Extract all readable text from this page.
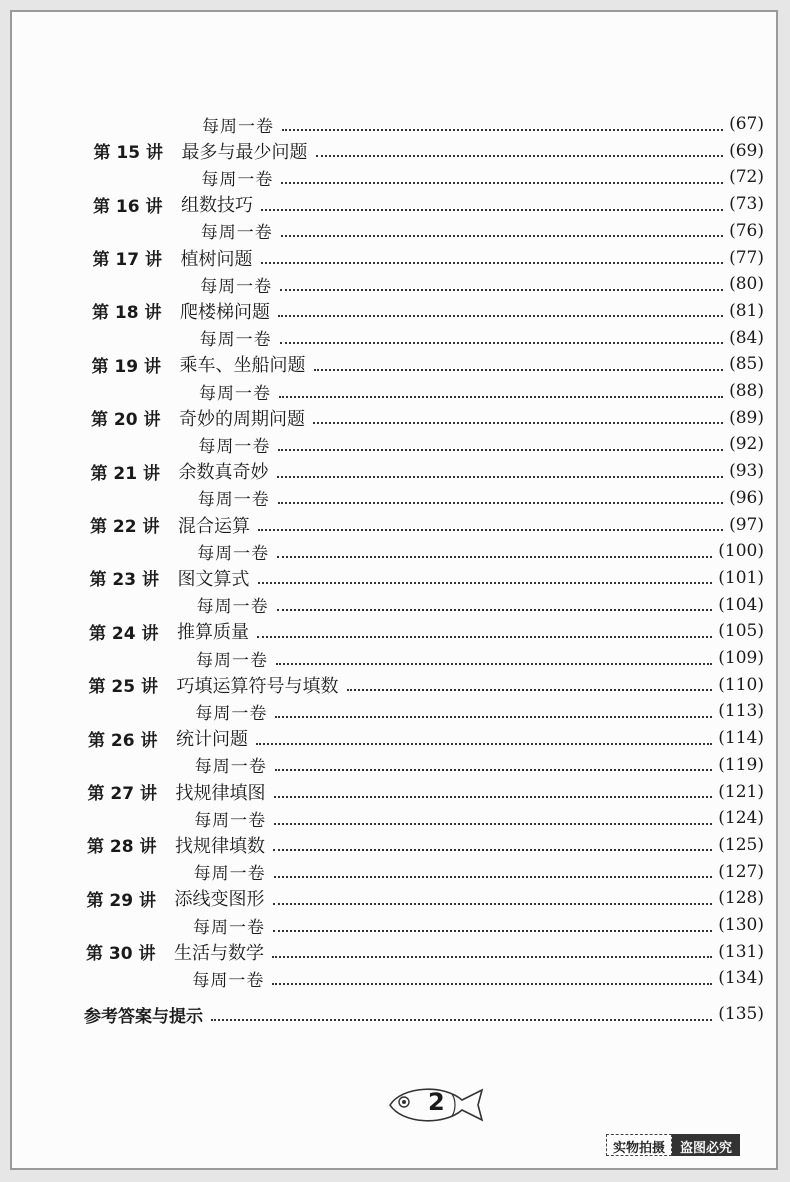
每周一卷	(67)
第 15 讲	最多与最少问题	(69)
每周一卷	(72)
第 16 讲	组数技巧	(73)
每周一卷	(76)
第 17 讲	植树问题	(77)
每周一卷	(80)
第 18 讲	爬楼梯问题	(81)
每周一卷	(84)
第 19 讲	乘车、坐船问题	(85)
每周一卷	(88)
第 20 讲	奇妙的周期问题	(89)
每周一卷	(92)
第 21 讲	余数真奇妙	(93)
每周一卷	(96)
第 22 讲	混合运算	(97)
每周一卷	(100)
第 23 讲	图文算式	(101)
每周一卷	(104)
第 24 讲	推算质量	(105)
每周一卷	(109)
第 25 讲	巧填运算符号与填数	(110)
每周一卷	(113)
第 26 讲	统计问题	(114)
每周一卷	(119)
第 27 讲	找规律填图	(121)
每周一卷	(124)
第 28 讲	找规律填数	(125)
每周一卷	(127)
第 29 讲	添线变图形	(128)
每周一卷	(130)
第 30 讲	生活与数学	(131)
每周一卷	(134)
参考答案与提示	(135)
2
实物拍摄	盗图必究
